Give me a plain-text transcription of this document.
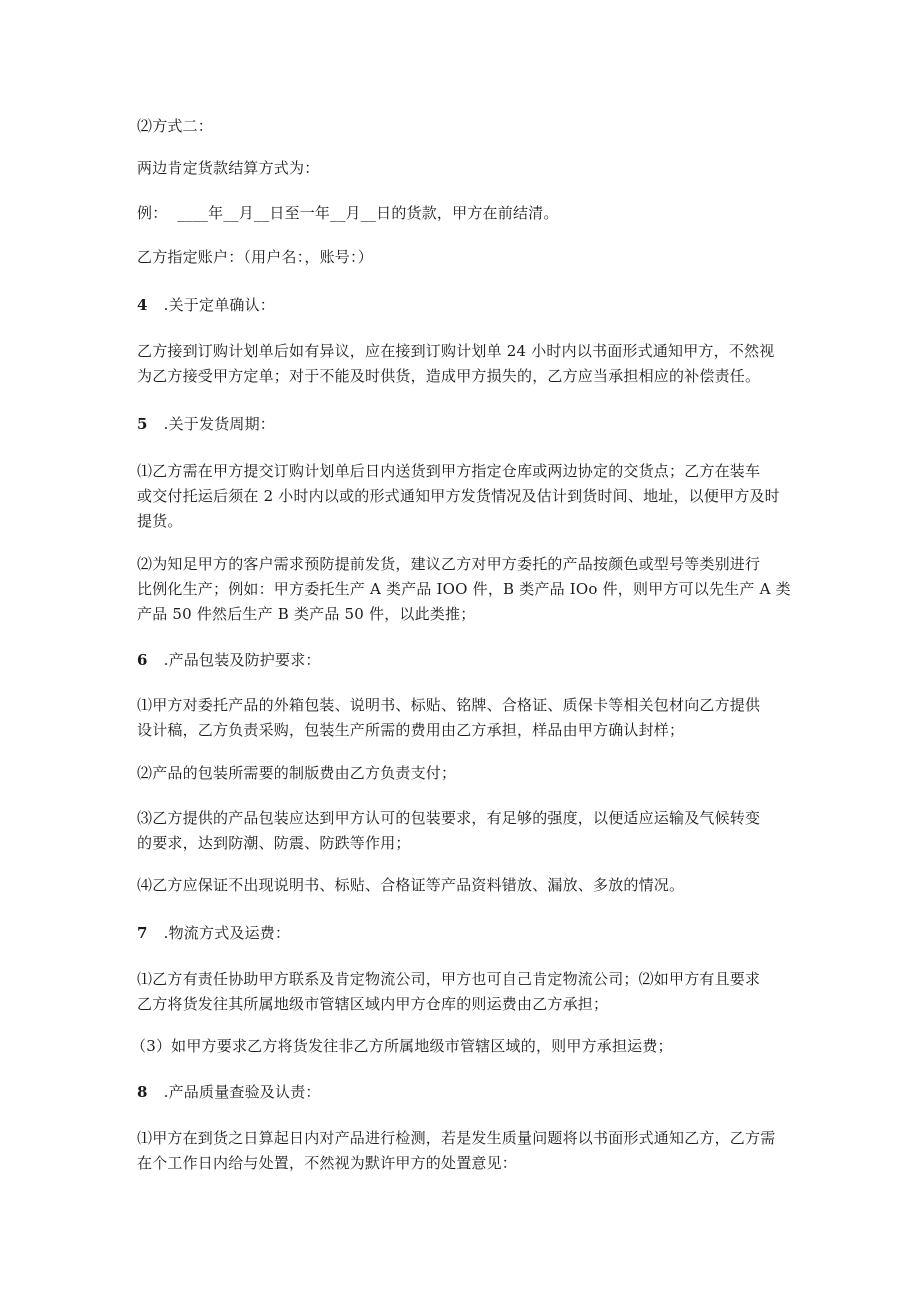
⑵方式二：

两边肯定货款结算方式为：

例：  ____年__月__日至一年__月__日的货款，甲方在前结清。

乙方指定账户：（用户名：，账号：）

4 .关于定单确认：

乙方接到订购计划单后如有异议，应在接到订购计划单 24 小时内以书面形式通知甲方，不然视
为乙方接受甲方定单；对于不能及时供货，造成甲方损失的，乙方应当承担相应的补偿责任。

5 .关于发货周期：

⑴乙方需在甲方提交订购计划单后日内送货到甲方指定仓库或两边协定的交货点；乙方在装车
或交付托运后须在 2 小时内以或的形式通知甲方发货情况及估计到货时间、地址，以便甲方及时
提货。

⑵为知足甲方的客户需求预防提前发货，建议乙方对甲方委托的产品按颜色或型号等类别进行
比例化生产；例如：甲方委托生产 A 类产品 IOO 件，B 类产品 IOo 件，则甲方可以先生产 A 类
产品 50 件然后生产 B 类产品 50 件，以此类推；

6 .产品包装及防护要求：

⑴甲方对委托产品的外箱包装、说明书、标贴、铭牌、合格证、质保卡等相关包材向乙方提供
设计稿，乙方负责采购，包装生产所需的费用由乙方承担，样品由甲方确认封样；

⑵产品的包装所需要的制版费由乙方负责支付；

⑶乙方提供的产品包装应达到甲方认可的包装要求，有足够的强度，以便适应运输及气候转变
的要求，达到防潮、防震、防跌等作用；

⑷乙方应保证不出现说明书、标贴、合格证等产品资料错放、漏放、多放的情况。

7 .物流方式及运费：

⑴乙方有责任协助甲方联系及肯定物流公司，甲方也可自己肯定物流公司；⑵如甲方有且要求
乙方将货发往其所属地级市管辖区域内甲方仓库的则运费由乙方承担；

（3）如甲方要求乙方将货发往非乙方所属地级市管辖区域的，则甲方承担运费；

8 .产品质量查验及认责：

⑴甲方在到货之日算起日内对产品进行检测，若是发生质量问题将以书面形式通知乙方，乙方需
在个工作日内给与处置，不然视为默许甲方的处置意见：
